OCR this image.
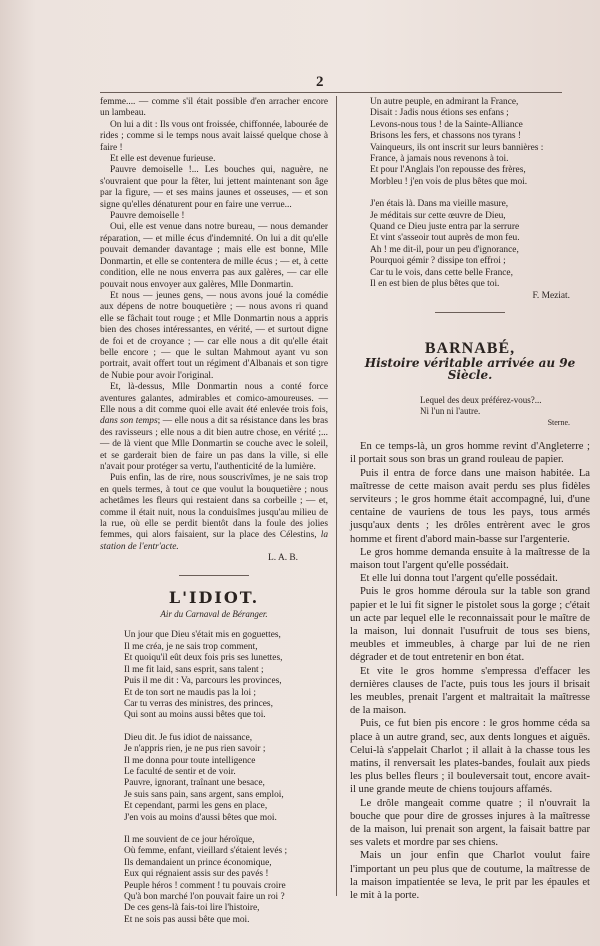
2

femme.... — comme s'il était possible d'en arracher encore un lambeau.

On lui a dit : Ils vous ont froissée, chiffonnée, labourée de rides ; comme si le temps nous avait laissé quelque chose à faire !

Et elle est devenue furieuse.

Pauvre demoiselle !... Les bouches qui, naguère, ne s'ouvraient que pour la fêter, lui jettent maintenant son âge par la figure, — et ses mains jaunes et osseuses, — et son signe qu'elles dénaturent pour en faire une verrue...

Pauvre demoiselle !

Oui, elle est venue dans notre bureau, — nous demander réparation, — et mille écus d'indemnité. On lui a dit qu'elle pouvait demander davantage ; mais elle est bonne, Mlle Donmartin, et elle se contentera de mille écus ; — et, à cette condition, elle ne nous enverra pas aux galères, — car elle pouvait nous envoyer aux galères, Mlle Donmartin.

Et nous — jeunes gens, — nous avons joué la comédie aux dépens de notre bouquetière ; — nous avons ri quand elle se fâchait tout rouge ; et Mlle Donmartin nous a appris bien des choses intéressantes, en vérité, — et surtout digne de foi et de croyance ; — car elle nous a dit qu'elle était belle encore ; — que le sultan Mahmout ayant vu son portrait, avait offert tout un régiment d'Albanais et son tigre de Nubie pour avoir l'original.

Et, là-dessus, Mlle Donmartin nous a conté force aventures galantes, admirables et comico-amoureuses. — Elle nous a dit comme quoi elle avait été enlevée trois fois, dans son temps; — elle nous a dit sa résistance dans les bras des ravisseurs ; elle nous a dit bien autre chose, en vérité ;... — de là vient que Mlle Donmartin se couche avec le soleil, et se garderait bien de faire un pas dans la ville, si elle n'avait pour protéger sa vertu, l'authenticité de la lumière.

Puis enfin, las de rire, nous souscrivîmes, je ne sais trop en quels termes, à tout ce que voulut la bouquetière ; nous achetâmes les fleurs qui restaient dans sa corbeille ; — et, comme il était nuit, nous la conduisîmes jusqu'au milieu de la rue, où elle se perdit bientôt dans la foule des jolies femmes, qui alors faisaient, sur la place des Célestins, la station de l'entr'acte.

L. A. B.
L'IDIOT.
Air du Carnaval de Béranger.
Un jour que Dieu s'était mis en goguettes,
Il me créa, je ne sais trop comment,
Et quoiqu'il eût deux fois pris ses lunettes,
Il me fit laid, sans esprit, sans talent ;
Puis il me dit : Va, parcours les provinces,
Et de ton sort ne maudis pas la loi ;
Car tu verras des ministres, des princes,
Qui sont au moins aussi bêtes que toi.
Dieu dit. Je fus idiot de naissance,
Je n'appris rien, je ne pus rien savoir ;
Il me donna pour toute intelligence
Le faculté de sentir et de voir.
Pauvre, ignorant, traînant une besace,
Je suis sans pain, sans argent, sans emploi,
Et cependant, parmi les gens en place,
J'en vois au moins d'aussi bêtes que moi.
Il me souvient de ce jour héroïque,
Où femme, enfant, vieillard s'étaient levés ;
Ils demandaient un prince économique,
Eux qui régnaient assis sur des pavés !
Peuple héros ! comment ! tu pouvais croire
Qu'à bon marché l'on pouvait faire un roi ?
De ces gens-là fais-toi lire l'histoire,
Et ne sois pas aussi bête que moi.
Un autre peuple, en admirant la France,
Disait : Jadis nous étions ses enfans ;
Levons-nous tous ! de la Sainte-Alliance
Brisons les fers, et chassons nos tyrans !
Vainqueurs, ils ont inscrit sur leurs bannières :
France, à jamais nous revenons à toi.
Et pour l'Anglais l'on repousse des frères,
Morbleu ! j'en vois de plus bêtes que moi.
J'en étais là. Dans ma vieille masure,
Je méditais sur cette œuvre de Dieu,
Quand ce Dieu juste entra par la serrure
Et vint s'asseoir tout auprès de mon feu.
Ah ! me dit-il, pour un peu d'ignorance,
Pourquoi gémir ? dissipe ton effroi ;
Car tu le vois, dans cette belle France,
Il en est bien de plus bêtes que toi.
F. Meziat.
BARNABÉ,
Histoire véritable arrivée au 9e Siècle.
Lequel des deux préférez-vous?...
Ni l'un ni l'autre.
Sterne.

En ce temps-là, un gros homme revint d'Angleterre ; il portait sous son bras un grand rouleau de papier.

Puis il entra de force dans une maison habitée. La maîtresse de cette maison avait perdu ses plus fidèles serviteurs ; le gros homme était accompagné, lui, d'une centaine de vauriens de tous les pays, tous armés jusqu'aux dents ; les drôles entrèrent avec le gros homme et firent d'abord main-basse sur l'argenterie.

Le gros homme demanda ensuite à la maîtresse de la maison tout l'argent qu'elle possédait.

Et elle lui donna tout l'argent qu'elle possédait.

Puis le gros homme déroula sur la table son grand papier et le lui fit signer le pistolet sous la gorge ; c'était un acte par lequel elle le reconnaissait pour le maître de la maison, lui donnait l'usufruit de tous ses biens, meubles et immeubles, à charge par lui de ne rien dégrader et de tout entretenir en bon état.

Et vite le gros homme s'empressa d'effacer les dernières clauses de l'acte, puis tous les jours il brisait les meubles, prenait l'argent et maltraitait la maîtresse de la maison.

Puis, ce fut bien pis encore : le gros homme céda sa place à un autre grand, sec, aux dents longues et aiguës. Celui-là s'appelait Charlot ; il allait à la chasse tous les matins, il renversait les plates-bandes, foulait aux pieds les plus belles fleurs ; il bouleversait tout, encore avait-il une grande meute de chiens toujours affamés.

Le drôle mangeait comme quatre ; il n'ouvrait la bouche que pour dire de grosses injures à la maîtresse de la maison, lui prenait son argent, la faisait battre par ses valets et mordre par ses chiens.

Mais un jour enfin que Charlot voulut faire l'important un peu plus que de coutume, la maîtresse de la maison impatientée se leva, le prit par les épaules et le mit à la porte.
